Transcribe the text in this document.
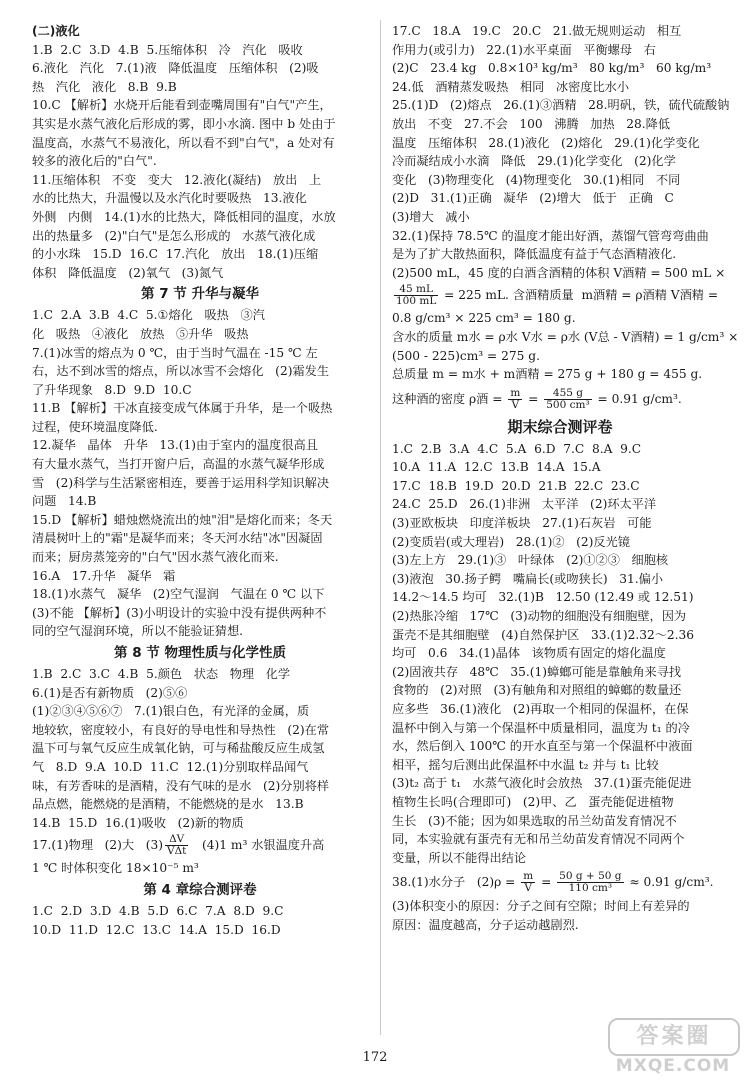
(二)液化
1.B  2.C  3.D  4.B  5.压缩体积   冷   汽化   吸收
6.液化   汽化   7.(1)液   降低温度   压缩体积   (2)吸
热   汽化   液化   8.B  9.B
10.C 【解析】水烧开后能看到壶嘴周围有"白气"产生，
其实是水蒸气液化后形成的雾，即小水滴. 图中 b 处由于
温度高，水蒸气不易液化，所以看不到"白气"，a 处对有
较多的液化后的"白气".
11.压缩体积   不变   变大   12.液化(凝结)   放出   上
水的比热大，升温慢以及水汽化时要吸热   13.液化
外侧   内侧   14.(1)水的比热大，降低相同的温度，水放
出的热量多   (2)"白气"是怎么形成的   水蒸气液化成
的小水珠   15.D  16.C  17.汽化   放出   18.(1)压缩
体积   降低温度   (2)氧气   (3)氮气
第 7 节 升华与凝华
1.C  2.A  3.B  4.C  5.①熔化   吸热   ③汽
化   吸热   ④液化   放热   ⑤升华   吸热
7.(1)冰雪的熔点为 0 ℃，由于当时气温在 -15 ℃ 左
右，达不到冰雪的熔点，所以冰雪不会熔化   (2)霜发生
了升华现象   8.D  9.D  10.C
11.B 【解析】干冰直接变成气体属于升华，是一个吸热
过程，使环境温度降低.
12.凝华   晶体   升华   13.(1)由于室内的温度很高且
有大量水蒸气，当打开窗户后，高温的水蒸气凝华形成
雪   (2)科学与生活紧密相连，要善于运用科学知识解决
问题   14.B
15.D 【解析】蜡烛燃烧流出的烛"泪"是熔化而来；冬天
清晨树叶上的"霜"是凝华而来；冬天河水结"冰"因凝固
而来；厨房蒸笼旁的"白气"因水蒸气液化而来.
16.A   17.升华   凝华   霜
18.(1)水蒸气   凝华   (2)空气湿润   气温在 0 ℃ 以下
(3)不能 【解析】(3)小明设计的实验中没有提供两种不
同的空气湿润环境，所以不能验证猜想.
第 8 节 物理性质与化学性质
1.B  2.C  3.C  4.B  5.颜色   状态   物理   化学
6.(1)是否有新物质   (2)⑤⑥
(1)②③④⑤⑥⑦   7.(1)银白色，有光泽的金属，质
地较软，密度较小，有良好的导电性和导热性   (2)在常
温下可与氧气反应生成氧化钠，可与稀盐酸反应生成氢
气   8.D  9.A  10.D  11.C  12.(1)分别取样品闻气
味，有芳香味的是酒精，没有气味的是水   (2)分别将样
品点燃，能燃烧的是酒精，不能燃烧的是水   13.B
14.B  15.D  16.(1)吸收   (2)新的物质
17.(1)物理   (2)大   (3) ΔV
VΔt (4)1 m³ 水银温度升高
1 ℃ 时体积变化 18×10⁻⁵ m³
第 4 章综合测评卷
1.C  2.D  3.D  4.B  5.D  6.C  7.A  8.D  9.C
10.D  11.D  12.C  13.C  14.A  15.D  16.D
17.C   18.A   19.C   20.C   21.做无规则运动   相互
作用力(或引力)   22.(1)水平桌面   平衡螺母   右
(2)C   23.4 kg   0.8×10³ kg/m³   80 kg/m³   60 kg/m³
24.低   酒精蒸发吸热   相同   冰密度比水小
25.(1)D   (2)熔点   26.(1)③酒精   28.明矾，铁，硫代硫酸钠
放出   不变   27.不会   100   沸腾   加热   28.降低
温度   压缩体积   28.(1)液化   (2)熔化   29.(1)化学变化
冷而凝结成小水滴   降低   29.(1)化学变化   (2)化学
变化   (3)物理变化   (4)物理变化   30.(1)相同   不同
(2)D   31.(1)正确   凝华   (2)增大   低于   正确   C
(3)增大   减小
32.(1)保持 78.5℃ 的温度才能出好酒，蒸馏气管弯弯曲曲
是为了扩大散热面积，降低温度有益于气态酒精液化.
(2)500 mL，45 度的白酒含酒精的体积 V酒精 = 500 mL ×
$\frac{45 mL}{100 mL} = 225$ mL. 含酒精质量  m酒精 = ρ酒精 V酒精 =
0.8 g/cm³ × 225 cm³ = 180 g.
含水的质量 m水 = ρ水 V水 = ρ水 (V总 - V酒精) = 1 g/cm³ ×
(500 - 225)cm³ = 275 g.
总质量 m = m水 + m酒精 = 275 g + 180 g = 455 g.
这种酒的密度 ρ酒 = $\frac{m}{V} = \frac{455 g}{\text{500 cm³}} = 0.91$ g/cm³.
期末综合测评卷
1.C  2.B  3.A  4.C  5.A  6.D  7.C  8.A  9.C
10.A  11.A  12.C  13.B  14.A  15.A
17.C  18.B  19.D  20.D  21.B  22.C  23.C
24.C  25.D   26.(1)非洲   太平洋   (2)环太平洋
(3)亚欧板块   印度洋板块   27.(1)石灰岩   可能
(2)变质岩(或大理岩)   28.(1)②   (2)反光镜
(3)左上方   29.(1)③   叶绿体   (2)①②③   细胞核
(3)液泡   30.扬子鳄   嘴扁长(或吻狭长)   31.偏小
14.2～14.5 均可   32.(1)B   12.50 (12.49 或 12.51)
(2)热胀冷缩   17℃   (3)动物的细胞没有细胞壁，因为
蛋壳不是其细胞壁   (4)自然保护区   33.(1)2.32～2.36
均可   0.6   34.(1)晶体   该物质有固定的熔化温度
(2)固液共存   48℃   35.(1)蟑螂可能是靠触角来寻找
食物的   (2)对照   (3)有触角和对照组的蟑螂的数量还
应多些   36.(1)液化   (2)再取一个相同的保温杯，在保
温杯中倒入与第一个保温杯中质量相同，温度为 t₁ 的冷
水，然后倒入 100℃ 的开水直至与第一个保温杯中液面
相平，摇匀后测出此保温杯中水温 t₂ 并与 t₁ 比较
(3)t₂ 高于 t₁   水蒸气液化时会放热   37.(1)蛋壳能促进
植物生长吗(合理即可)   (2)甲、乙   蛋壳能促进植物
生长   (3)不能；因为如果选取的吊兰幼苗发育情况不
同，本实验就有蛋壳有无和吊兰幼苗发育情况不同两个
变量，所以不能得出结论
38.(1)水分子   $(2)\rho = \frac{m}{V} = \frac{50 g + 50 g}{\text{110 cm³}} \approx 0.91$ g/cm³.
(3)体积变小的原因：分子之间有空隙；时间上有差异的
原因：温度越高，分子运动越剧烈.
172
答案圈
MXQE.COM
